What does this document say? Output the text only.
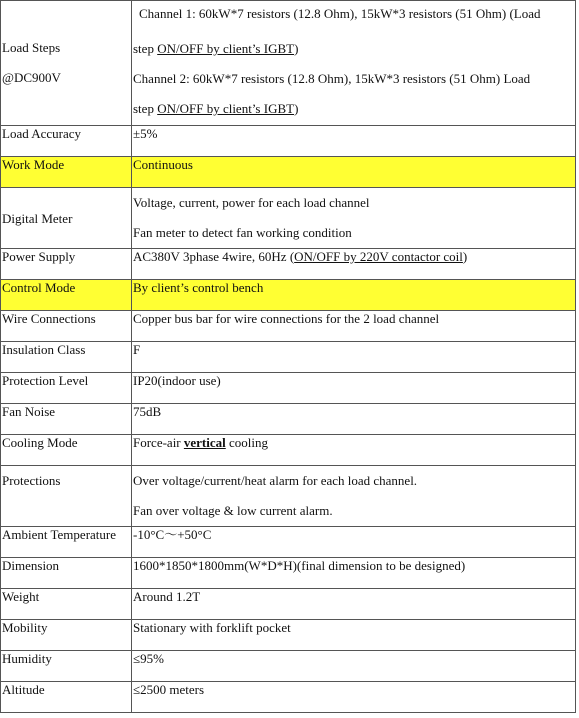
Load Steps
@DC900V	Channel 1: 60kW*7 resistors (12.8 Ohm), 15kW*3 resistors (51 Ohm) (Load
step ON/OFF by client’s IGBT)
Channel 2: 60kW*7 resistors (12.8 Ohm), 15kW*3 resistors (51 Ohm) Load
step ON/OFF by client’s IGBT)

Load Accuracy	±5%
Work Mode	Continuous
Digital Meter	Voltage, current, power for each load channel
Fan meter to detect fan working condition

Power Supply	AC380V 3phase 4wire, 60Hz (ON/OFF by 220V contactor coil)
Control Mode	By client’s control bench
Wire Connections	Copper bus bar for wire connections for the 2 load channel
Insulation Class	F
Protection Level	IP20(indoor use)
Fan Noise	75dB
Cooling Mode	Force-air vertical cooling
Protections	Over voltage/current/heat alarm for each load channel.
Fan over voltage & low current alarm.

Ambient Temperature	-10°C～+50°C
Dimension	1600*1850*1800mm(W*D*H)(final dimension to be designed)
Weight	Around 1.2T
Mobility	Stationary with forklift pocket
Humidity	≤95%
Altitude	≤2500 meters
